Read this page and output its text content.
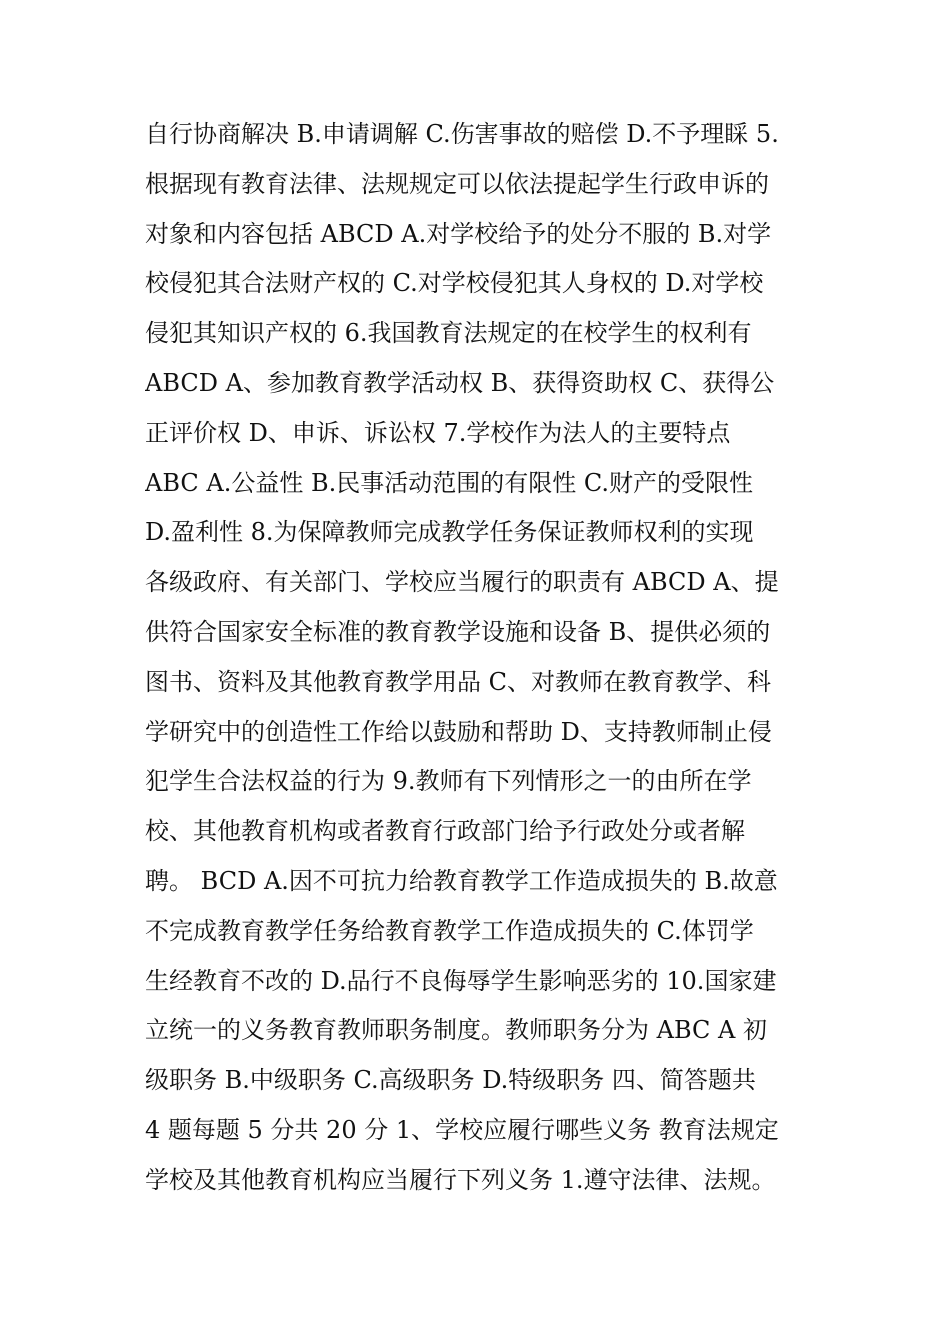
自行协商解决 B.申请调解 C.伤害事故的赔偿 D.不予理睬 5.
根据现有教育法律、法规规定可以依法提起学生行政申诉的
对象和内容包括 ABCD A.对学校给予的处分不服的 B.对学
校侵犯其合法财产权的 C.对学校侵犯其人身权的 D.对学校
侵犯其知识产权的 6.我国教育法规定的在校学生的权利有
ABCD A、参加教育教学活动权 B、获得资助权 C、获得公
正评价权 D、申诉、诉讼权 7.学校作为法人的主要特点
ABC A.公益性 B.民事活动范围的有限性 C.财产的受限性
D.盈利性 8.为保障教师完成教学任务保证教师权利的实现
各级政府、有关部门、学校应当履行的职责有 ABCD A、提
供符合国家安全标准的教育教学设施和设备 B、提供必须的
图书、资料及其他教育教学用品 C、对教师在教育教学、科
学研究中的创造性工作给以鼓励和帮助 D、支持教师制止侵
犯学生合法权益的行为 9.教师有下列情形之一的由所在学
校、其他教育机构或者教育行政部门给予行政处分或者解
聘。 BCD A.因不可抗力给教育教学工作造成损失的 B.故意
不完成教育教学任务给教育教学工作造成损失的 C.体罚学
生经教育不改的 D.品行不良侮辱学生影响恶劣的 10.国家建
立统一的义务教育教师职务制度。教师职务分为 ABC A 初
级职务 B.中级职务 C.高级职务 D.特级职务 四、简答题共
4 题每题 5 分共 20 分 1、学校应履行哪些义务 教育法规定
学校及其他教育机构应当履行下列义务 1.遵守法律、法规。
